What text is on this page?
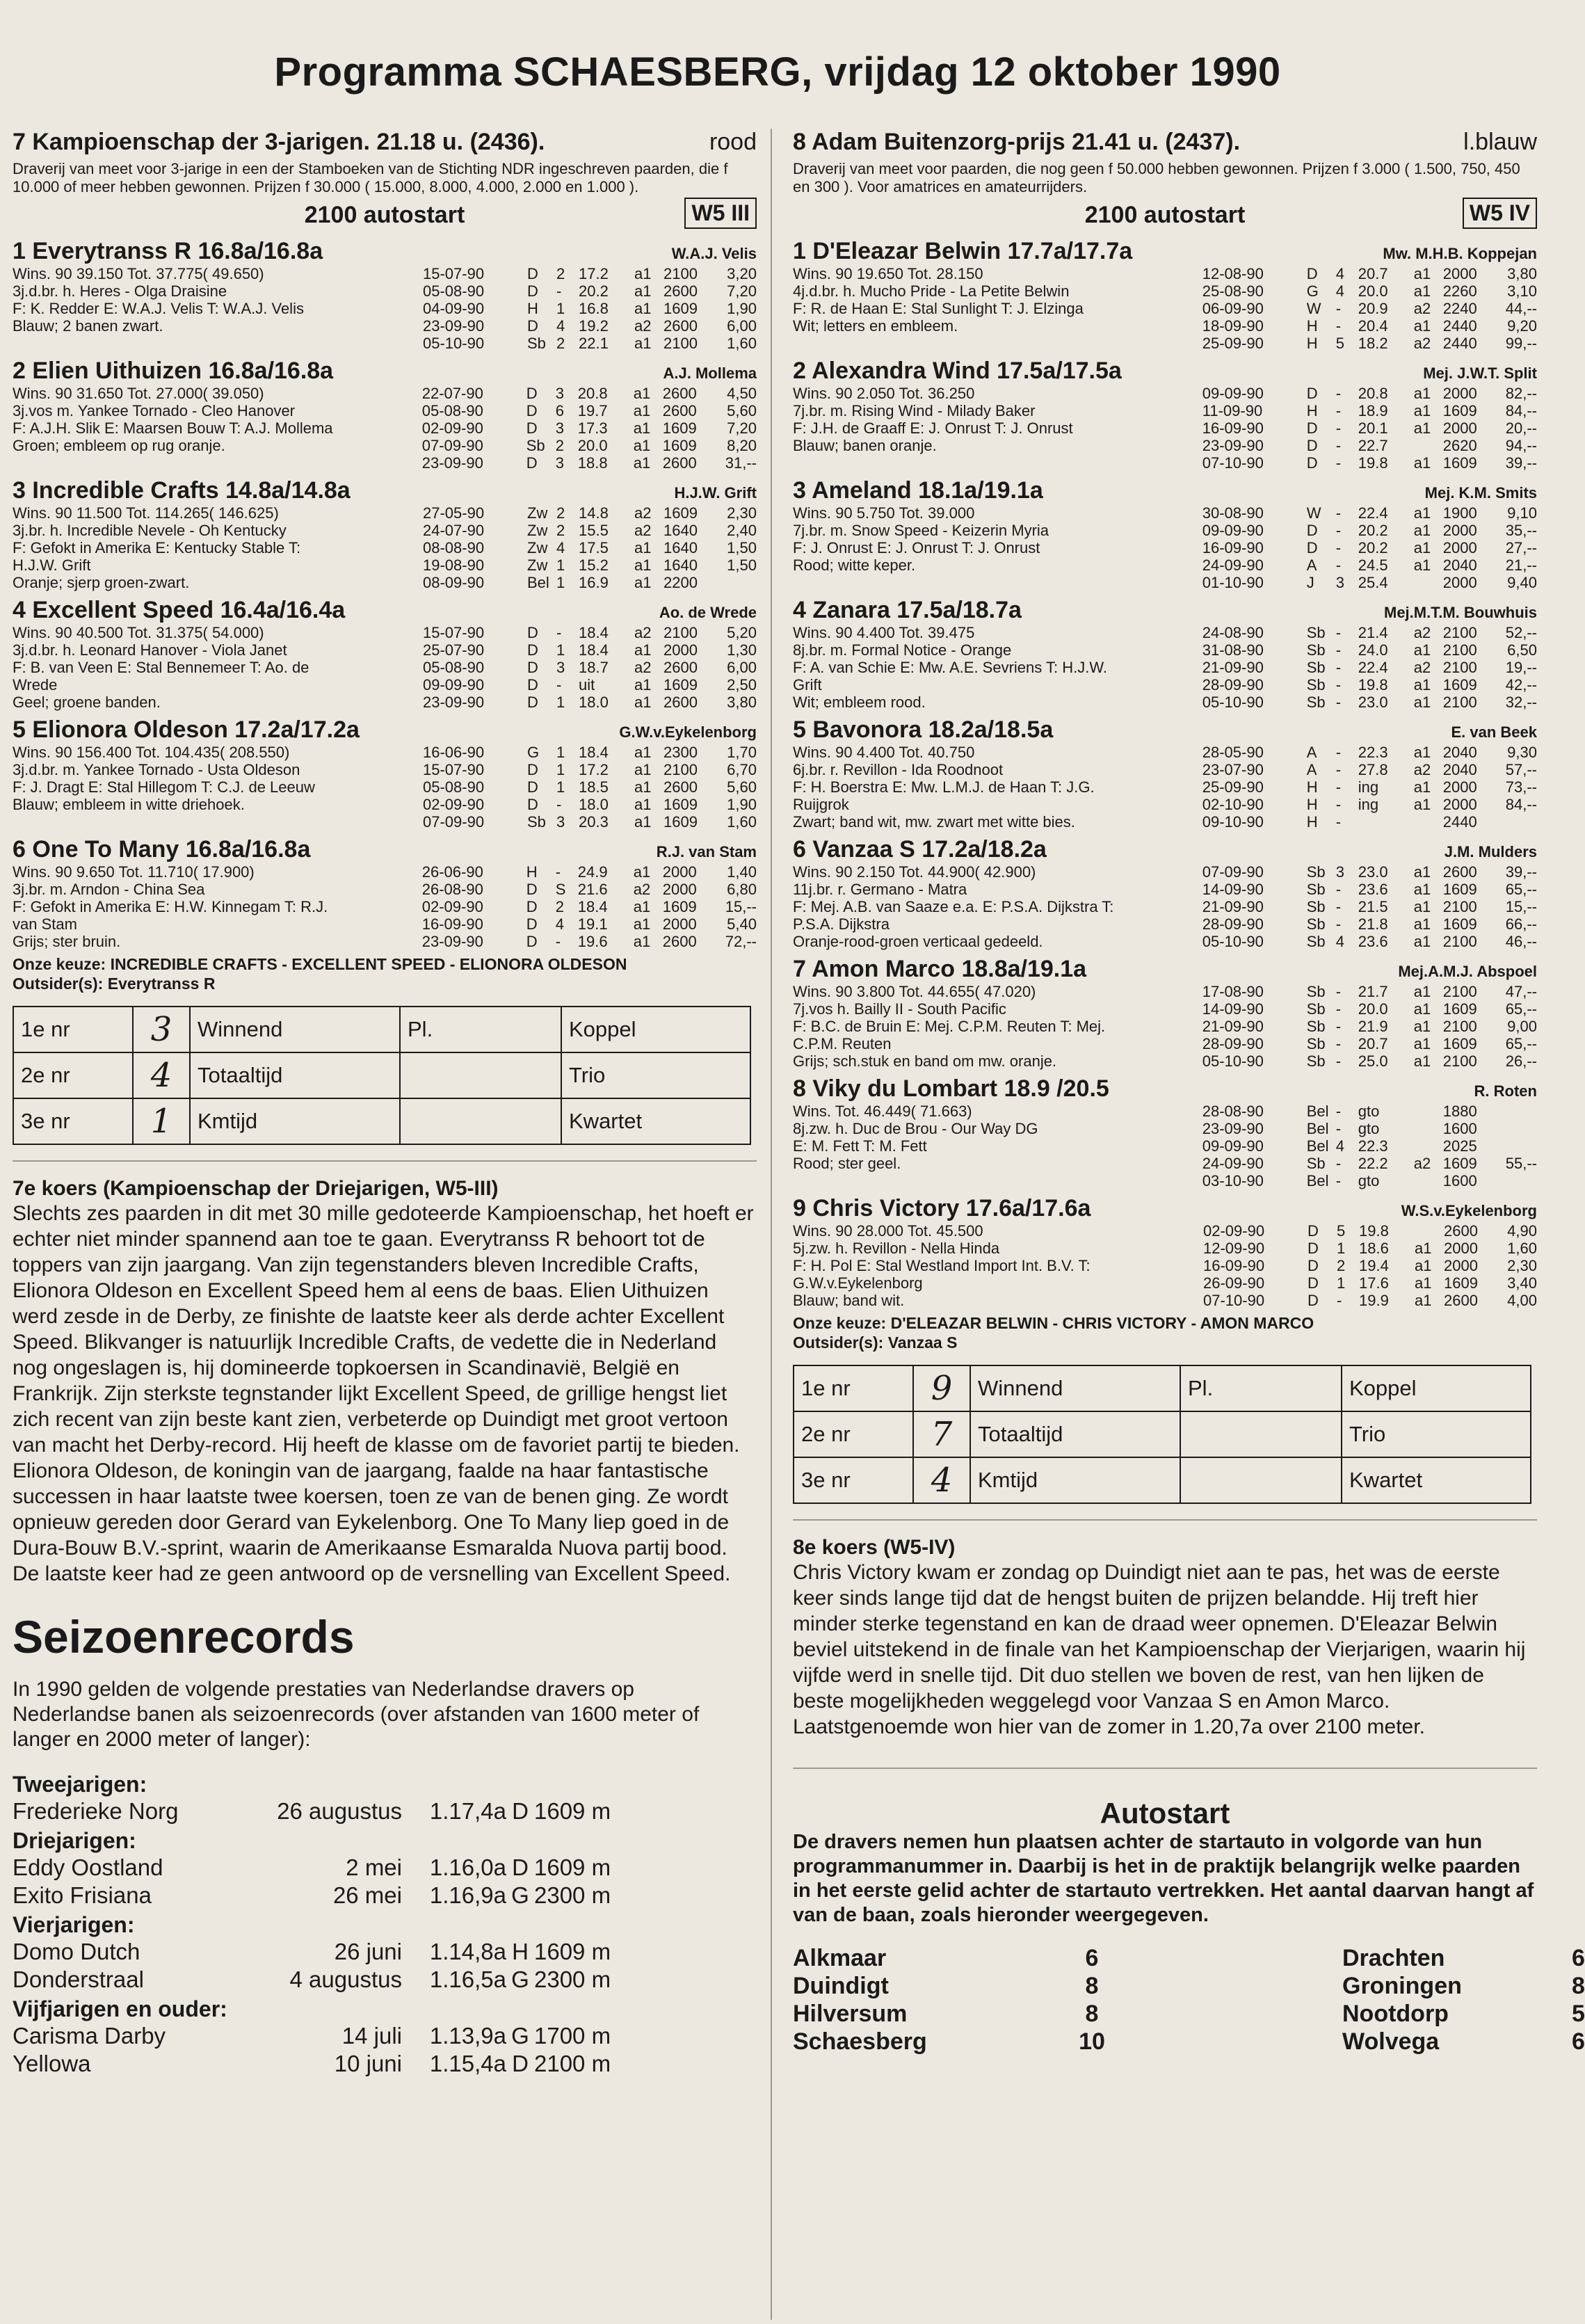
Programma SCHAESBERG, vrijdag 12 oktober 1990
7 Kampioenschap der 3-jarigen. 21.18 u. (2436).	rood
Draverij van meet voor 3-jarige in een der Stamboeken van de Stichting NDR ingeschreven paarden, die f 10.000 of meer hebben gewonnen. Prijzen f 30.000 ( 15.000, 8.000, 4.000, 2.000 en 1.000 ).
2100 autostart	W5 III
1 Everytranss R 16.8a/16.8a	W.A.J. Velis
Wins. 90 39.150 Tot. 37.775( 49.650)
3j.d.br. h. Heres - Olga Draisine
F: K. Redder E: W.A.J. Velis T: W.A.J. Velis
Blauw; 2 banen zwart.
15-07-90	D	2 17.2	a1 2100	3,20
05-08-90	D	-	20.2	a1 2600	7,20
04-09-90	H	1 16.8	a1 1609	1,90
23-09-90	D	4 19.2	a2 2600	6,00
05-10-90	Sb 2 22.1	a1 2100	1,60
2 Elien Uithuizen 16.8a/16.8a	A.J. Mollema
Wins. 90 31.650 Tot. 27.000( 39.050)
3j.vos m. Yankee Tornado - Cleo Hanover
F: A.J.H. Slik E: Maarsen Bouw T: A.J. Mollema
Groen; embleem op rug oranje.
22-07-90	D	3 20.8	a1 2600	4,50
05-08-90	D	6 19.7	a1 2600	5,60
02-09-90	D	3 17.3	a1 1609	7,20
07-09-90	Sb 2 20.0	a1 1609	8,20
23-09-90	D	3 18.8	a1 2600	31,--
3 Incredible Crafts 14.8a/14.8a	H.J.W. Grift
Wins. 90 11.500 Tot. 114.265( 146.625)
3j.br. h. Incredible Nevele - Oh Kentucky
F: Gefokt in Amerika E: Kentucky Stable T:
H.J.W. Grift
Oranje; sjerp groen-zwart.
27-05-90	Zw 2 14.8	a2 1609	2,30
24-07-90	Zw 2 15.5	a2 1640	2,40
08-08-90	Zw 4 17.5	a1 1640	1,50
19-08-90	Zw 1 15.2	a1 1640	1,50
08-09-90	Bel 1 16.9	a1 2200
4 Excellent Speed 16.4a/16.4a	Ao. de Wrede
Wins. 90 40.500 Tot. 31.375( 54.000)
3j.d.br. h. Leonard Hanover - Viola Janet
F: B. van Veen E: Stal Bennemeer T: Ao. de
Wrede
Geel; groene banden.
15-07-90	D	-	18.4	a2 2100	5,20
25-07-90	D	1 18.4	a1 2000	1,30
05-08-90	D	3 18.7	a2 2600	6,00
09-09-90	D	-	uit	a1 1609	2,50
23-09-90	D	1 18.0	a1 2600	3,80
5 Elionora Oldeson 17.2a/17.2a	G.W.v.Eykelenborg
Wins. 90 156.400 Tot. 104.435( 208.550)
3j.d.br. m. Yankee Tornado - Usta Oldeson
F: J. Dragt E: Stal Hillegom T: C.J. de Leeuw
Blauw; embleem in witte driehoek.
16-06-90	G	1 18.4	a1 2300	1,70
15-07-90	D	1 17.2	a1 2100	6,70
05-08-90	D	1 18.5	a1 2600	5,60
02-09-90	D	-	18.0	a1 1609	1,90
07-09-90	Sb 3 20.3	a1 1609	1,60
6 One To Many 16.8a/16.8a	R.J. van Stam
Wins. 90 9.650 Tot. 11.710( 17.900)
3j.br. m. Arndon - China Sea
F: Gefokt in Amerika E: H.W. Kinnegam T: R.J.
van Stam
Grijs; ster bruin.
26-06-90	H	-	24.9	a1 2000	1,40
26-08-90	D	S 21.6	a2 2000	6,80
02-09-90	D	2 18.4	a1 1609	15,--
16-09-90	D	4 19.1	a1 2000	5,40
23-09-90	D	-	19.6	a1 2600	72,--
Onze keuze: INCREDIBLE CRAFTS - EXCELLENT SPEED - ELIONORA OLDESON
Outsider(s): Everytranss R
1e nr	3	Winnend	Pl.	Koppel
2e nr	4	Totaaltijd		Trio
3e nr	1	Kmtijd		Kwartet
7e koers (Kampioenschap der Driejarigen, W5-III)
Slechts zes paarden in dit met 30 mille gedoteerde Kampioenschap, het hoeft er echter niet minder spannend aan toe te gaan. Everytranss R behoort tot de toppers van zijn jaargang. Van zijn tegenstanders bleven Incredible Crafts, Elionora Oldeson en Excellent Speed hem al eens de baas. Elien Uithuizen werd zesde in de Derby, ze finishte de laatste keer als derde achter Excellent Speed. Blikvanger is natuurlijk Incredible Crafts, de vedette die in Nederland nog ongeslagen is, hij domineerde topkoersen in Scandinavië, België en Frankrijk. Zijn sterkste tegnstander lijkt Excellent Speed, de grillige hengst liet zich recent van zijn beste kant zien, verbeterde op Duindigt met groot vertoon van macht het Derby-record. Hij heeft de klasse om de favoriet partij te bieden. Elionora Oldeson, de koningin van de jaargang, faalde na haar fantastische successen in haar laatste twee koersen, toen ze van de benen ging. Ze wordt opnieuw gereden door Gerard van Eykelenborg. One To Many liep goed in de Dura-Bouw B.V.-sprint, waarin de Amerikaanse Esmaralda Nuova partij bood. De laatste keer had ze geen antwoord op de versnelling van Excellent Speed.
Seizoenrecords
In 1990 gelden de volgende prestaties van Nederlandse dravers op Nederlandse banen als seizoenrecords (over afstanden van 1600 meter of langer en 2000 meter of langer):
Tweejarigen:
Frederieke Norg	26 augustus	1.17,4a D 1609 m
Driejarigen:
Eddy Oostland	2 mei	1.16,0a D 1609 m
Exito Frisiana	26 mei	1.16,9a G 2300 m
Vierjarigen:
Domo Dutch	26 juni	1.14,8a H 1609 m
Donderstraal	4 augustus	1.16,5a G 2300 m
Vijfjarigen en ouder:
Carisma Darby	14 juli	1.13,9a G 1700 m
Yellowa	10 juni	1.15,4a D 2100 m
8 Adam Buitenzorg-prijs 21.41 u. (2437).	l.blauw
Draverij van meet voor paarden, die nog geen f 50.000 hebben gewonnen. Prijzen f 3.000 ( 1.500, 750, 450 en 300 ). Voor amatrices en amateurrijders.
2100 autostart	W5 IV
1 D'Eleazar Belwin 17.7a/17.7a	Mw. M.H.B. Koppejan
Wins. 90 19.650 Tot. 28.150
4j.d.br. h. Mucho Pride - La Petite Belwin
F: R. de Haan E: Stal Sunlight T: J. Elzinga
Wit; letters en embleem.
12-08-90	D	4 20.7	a1 2000	3,80
25-08-90	G	4 20.0	a1 2260	3,10
06-09-90	W -	20.9	a2 2240	44,--
18-09-90	H	-	20.4	a1 2440	9,20
25-09-90	H	5 18.2	a2 2440	99,--
2 Alexandra Wind 17.5a/17.5a	Mej. J.W.T. Split
Wins. 90 2.050 Tot. 36.250
7j.br. m. Rising Wind - Milady Baker
F: J.H. de Graaff E: J. Onrust T: J. Onrust
Blauw; banen oranje.
09-09-90	D	-	20.8	a1 2000	82,--
11-09-90	H	-	18.9	a1 1609	84,--
16-09-90	D	-	20.1	a1 2000	20,--
23-09-90	D	-	22.7	2620	94,--
07-10-90	D	-	19.8	a1 1609	39,--
3 Ameland 18.1a/19.1a	Mej. K.M. Smits
Wins. 90 5.750 Tot. 39.000
7j.br. m. Snow Speed - Keizerin Myria
F: J. Onrust E: J. Onrust T: J. Onrust
Rood; witte keper.
30-08-90	W -	22.4	a1 1900	9,10
09-09-90	D	-	20.2	a1 2000	35,--
16-09-90	D	-	20.2	a1 2000	27,--
24-09-90	A	-	24.5	a1 2040	21,--
01-10-90	J	3 25.4	2000	9,40
4 Zanara 17.5a/18.7a	Mej.M.T.M. Bouwhuis
Wins. 90 4.400 Tot. 39.475
8j.br. m. Formal Notice - Orange
F: A. van Schie E: Mw. A.E. Sevriens T: H.J.W.
Grift
Wit; embleem rood.
24-08-90	Sb -	21.4	a2 2100	52,--
31-08-90	Sb -	24.0	a1 2100	6,50
21-09-90	Sb -	22.4	a2 2100	19,--
28-09-90	Sb -	19.8	a1 1609	42,--
05-10-90	Sb -	23.0	a1 2100	32,--
5 Bavonora 18.2a/18.5a	E. van Beek
Wins. 90 4.400 Tot. 40.750
6j.br. r. Revillon - Ida Roodnoot
F: H. Boerstra E: Mw. L.M.J. de Haan T: J.G.
Ruijgrok
Zwart; band wit, mw. zwart met witte bies.
28-05-90	A	-	22.3	a1 2040	9,30
23-07-90	A	-	27.8	a2 2040	57,--
25-09-90	H	-	ing	a1 2000	73,--
02-10-90	H	-	ing	a1 2000	84,--
09-10-90	H	-	2440
6 Vanzaa S 17.2a/18.2a	J.M. Mulders
Wins. 90 2.150 Tot. 44.900( 42.900)
11j.br. r. Germano - Matra
F: Mej. A.B. van Saaze e.a. E: P.S.A. Dijkstra T:
P.S.A. Dijkstra
Oranje-rood-groen verticaal gedeeld.
07-09-90	Sb 3 23.0	a1 2600	39,--
14-09-90	Sb -	23.6	a1 1609	65,--
21-09-90	Sb -	21.5	a1 2100	15,--
28-09-90	Sb -	21.8	a1 1609	66,--
05-10-90	Sb 4 23.6	a1 2100	46,--
7 Amon Marco 18.8a/19.1a	Mej.A.M.J. Abspoel
Wins. 90 3.800 Tot. 44.655( 47.020)
7j.vos h. Bailly II - South Pacific
F: B.C. de Bruin E: Mej. C.P.M. Reuten T: Mej.
C.P.M. Reuten
Grijs; sch.stuk en band om mw. oranje.
17-08-90	Sb -	21.7	a1 2100	47,--
14-09-90	Sb -	20.0	a1 1609	65,--
21-09-90	Sb -	21.9	a1 2100	9,00
28-09-90	Sb -	20.7	a1 1609	65,--
05-10-90	Sb -	25.0	a1 2100	26,--
8 Viky du Lombart 18.9 /20.5	R. Roten
Wins. Tot. 46.449( 71.663)
8j.zw. h. Duc de Brou - Our Way DG
E: M. Fett T: M. Fett
Rood; ster geel.
28-08-90	Bel -	gto	1880
23-09-90	Bel -	gto	1600
09-09-90	Bel 4 22.3	2025
24-09-90	Sb -	22.2	a2 1609	55,--
03-10-90	Bel -	gto	1600
9 Chris Victory 17.6a/17.6a	W.S.v.Eykelenborg
Wins. 90 28.000 Tot. 45.500
5j.zw. h. Revillon - Nella Hinda
F: H. Pol E: Stal Westland Import Int. B.V. T:
G.W.v.Eykelenborg
Blauw; band wit.
02-09-90	D	5 19.8	2600	4,90
12-09-90	D	1 18.6	a1 2000	1,60
16-09-90	D	2 19.4	a1 2000	2,30
26-09-90	D	1 17.6	a1 1609	3,40
07-10-90	D	-	19.9	a1 2600	4,00
Onze keuze: D'ELEAZAR BELWIN - CHRIS VICTORY - AMON MARCO
Outsider(s): Vanzaa S
1e nr	9	Winnend	Pl.	Koppel
2e nr	7	Totaaltijd		Trio
3e nr	4	Kmtijd		Kwartet
8e koers (W5-IV)
Chris Victory kwam er zondag op Duindigt niet aan te pas, het was de eerste keer sinds lange tijd dat de hengst buiten de prijzen belandde. Hij treft hier minder sterke tegenstand en kan de draad weer opnemen. D'Eleazar Belwin beviel uitstekend in de finale van het Kampioenschap der Vierjarigen, waarin hij vijfde werd in snelle tijd. Dit duo stellen we boven de rest, van hen lijken de beste mogelijkheden weggelegd voor Vanzaa S en Amon Marco. Laatstgenoemde won hier van de zomer in 1.20,7a over 2100 meter.
Autostart
De dravers nemen hun plaatsen achter de startauto in volgorde van hun programmanummer in. Daarbij is het in de praktijk belangrijk welke paarden in het eerste gelid achter de startauto vertrekken. Het aantal daarvan hangt af van de baan, zoals hieronder weergegeven.
Alkmaar	6	Drachten	6
Duindigt	8	Groningen	8
Hilversum	8	Nootdorp	5
Schaesberg	10	Wolvega	6
